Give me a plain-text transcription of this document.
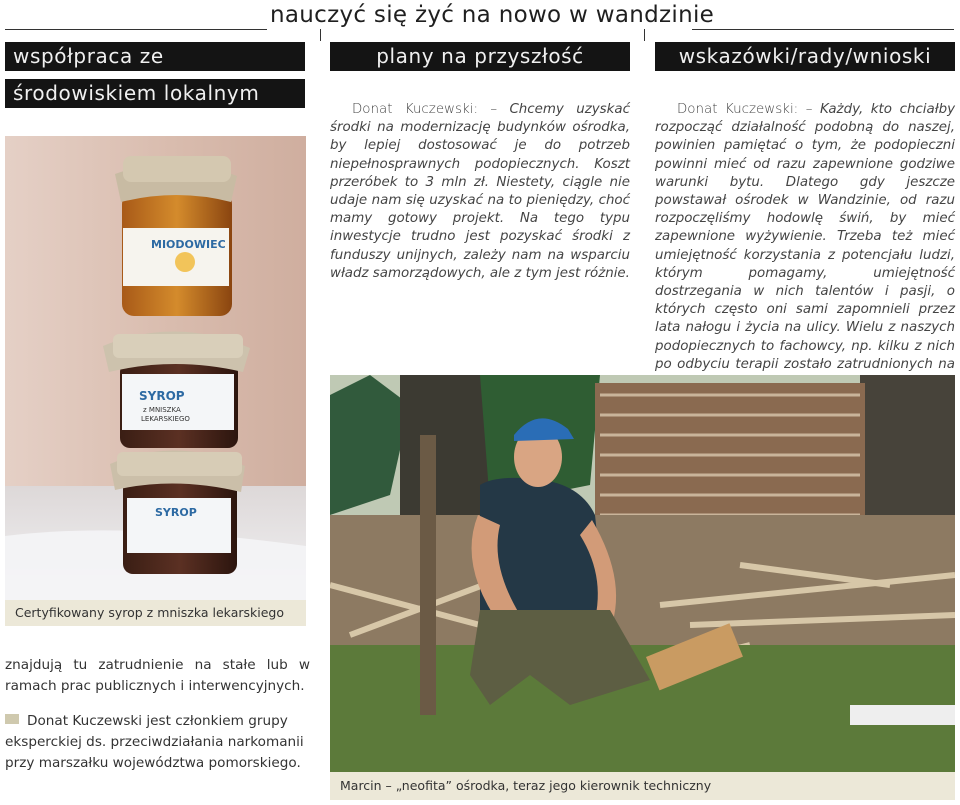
nauczyć się żyć na nowo w wandzinie
współpraca ze
środowiskiem lokalnym
plany na przyszłość	wskazówki/rady/wnioski
Donat Kuczewski: – Chcemy uzyskać środki na modernizację budynków ośrodka, by lepiej dostosować je do potrzeb niepełnosprawnych podopiecznych. Koszt przeróbek to 3 mln zł. Niestety, ciągle nie udaje nam się uzyskać na to pieniędzy, choć mamy gotowy projekt. Na tego typu inwestycje trudno jest pozyskać środki z funduszy unijnych, zależy nam na wsparciu władz samorządowych, ale z tym jest różnie.
Donat Kuczewski: – Każdy, kto chciałby rozpocząć działalność podobną do naszej, powinien pamiętać o tym, że podopieczni powinni mieć od razu zapewnione godziwe warunki bytu. Dlatego gdy jeszcze powstawał ośrodek w Wandzinie, od razu rozpoczęliśmy hodowlę świń, by mieć zapewnione wyżywienie. Trzeba też mieć umiejętność korzystania z potencjału ludzi, którym pomagamy, umiejętność dostrzegania w nich talentów i pasji, o których często oni sami zapomnieli przez lata nałogu i życia na ulicy. Wielu z naszych podopiecznych to fachowcy, np. kilku z nich po odbyciu terapii zostało zatrudnionych na
SYROP
SYROP
z MNISZKA
LEKARSKIEGO
MIODOWIEC
Certyfikowany syrop z mniszka lekarskiego
znajdują tu zatrudnienie na stałe lub w ramach prac publicznych i interwencyjnych.
Donat Kuczewski jest członkiem grupy eksperckiej ds. przeciwdziałania narkomanii przy marszałku województwa pomorskiego.
Marcin – „neofita” ośrodka, teraz jego kierownik techniczny
